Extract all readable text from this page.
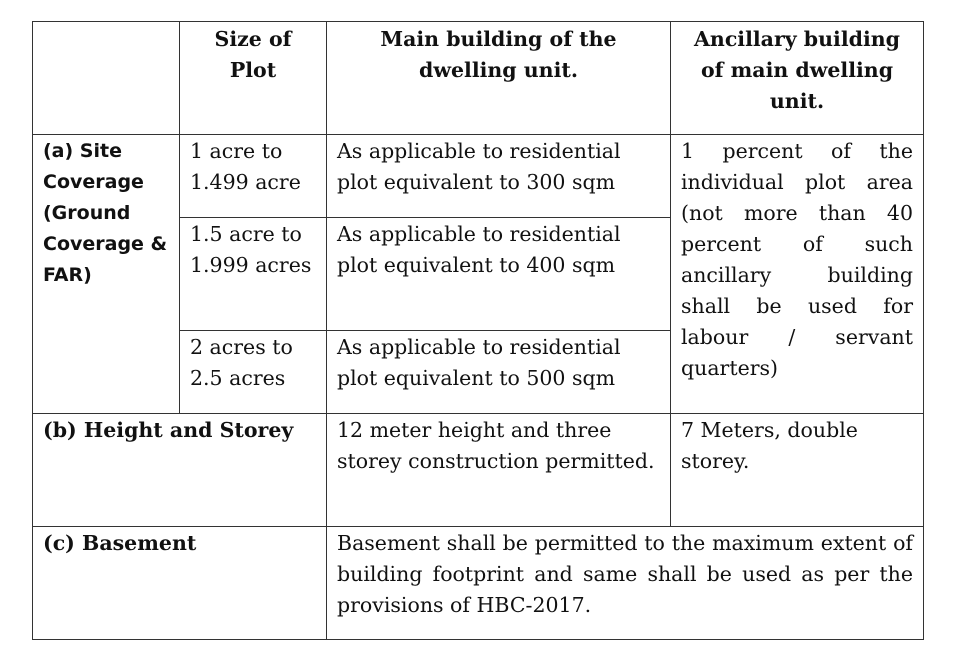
	Size of Plot	Main building of the dwelling unit.	Ancillary building of main dwelling unit.
(a) Site Coverage (Ground Coverage & FAR)	1 acre to 1.499 acre	As applicable to residential plot equivalent to 300 sqm	1 percent of the individual plot area (not more than 40 percent of such ancillary building shall be used for labour / servant quarters)
	1.5 acre to 1.999 acres	As applicable to residential plot equivalent to 400 sqm	
	2 acres to 2.5 acres	As applicable to residential plot equivalent to 500 sqm	
(b) Height and Storey		12 meter height and three storey construction permitted.	7 Meters, double storey.
(c) Basement		Basement shall be permitted to the maximum extent of building footprint and same shall be used as per the provisions of HBC-2017.	
